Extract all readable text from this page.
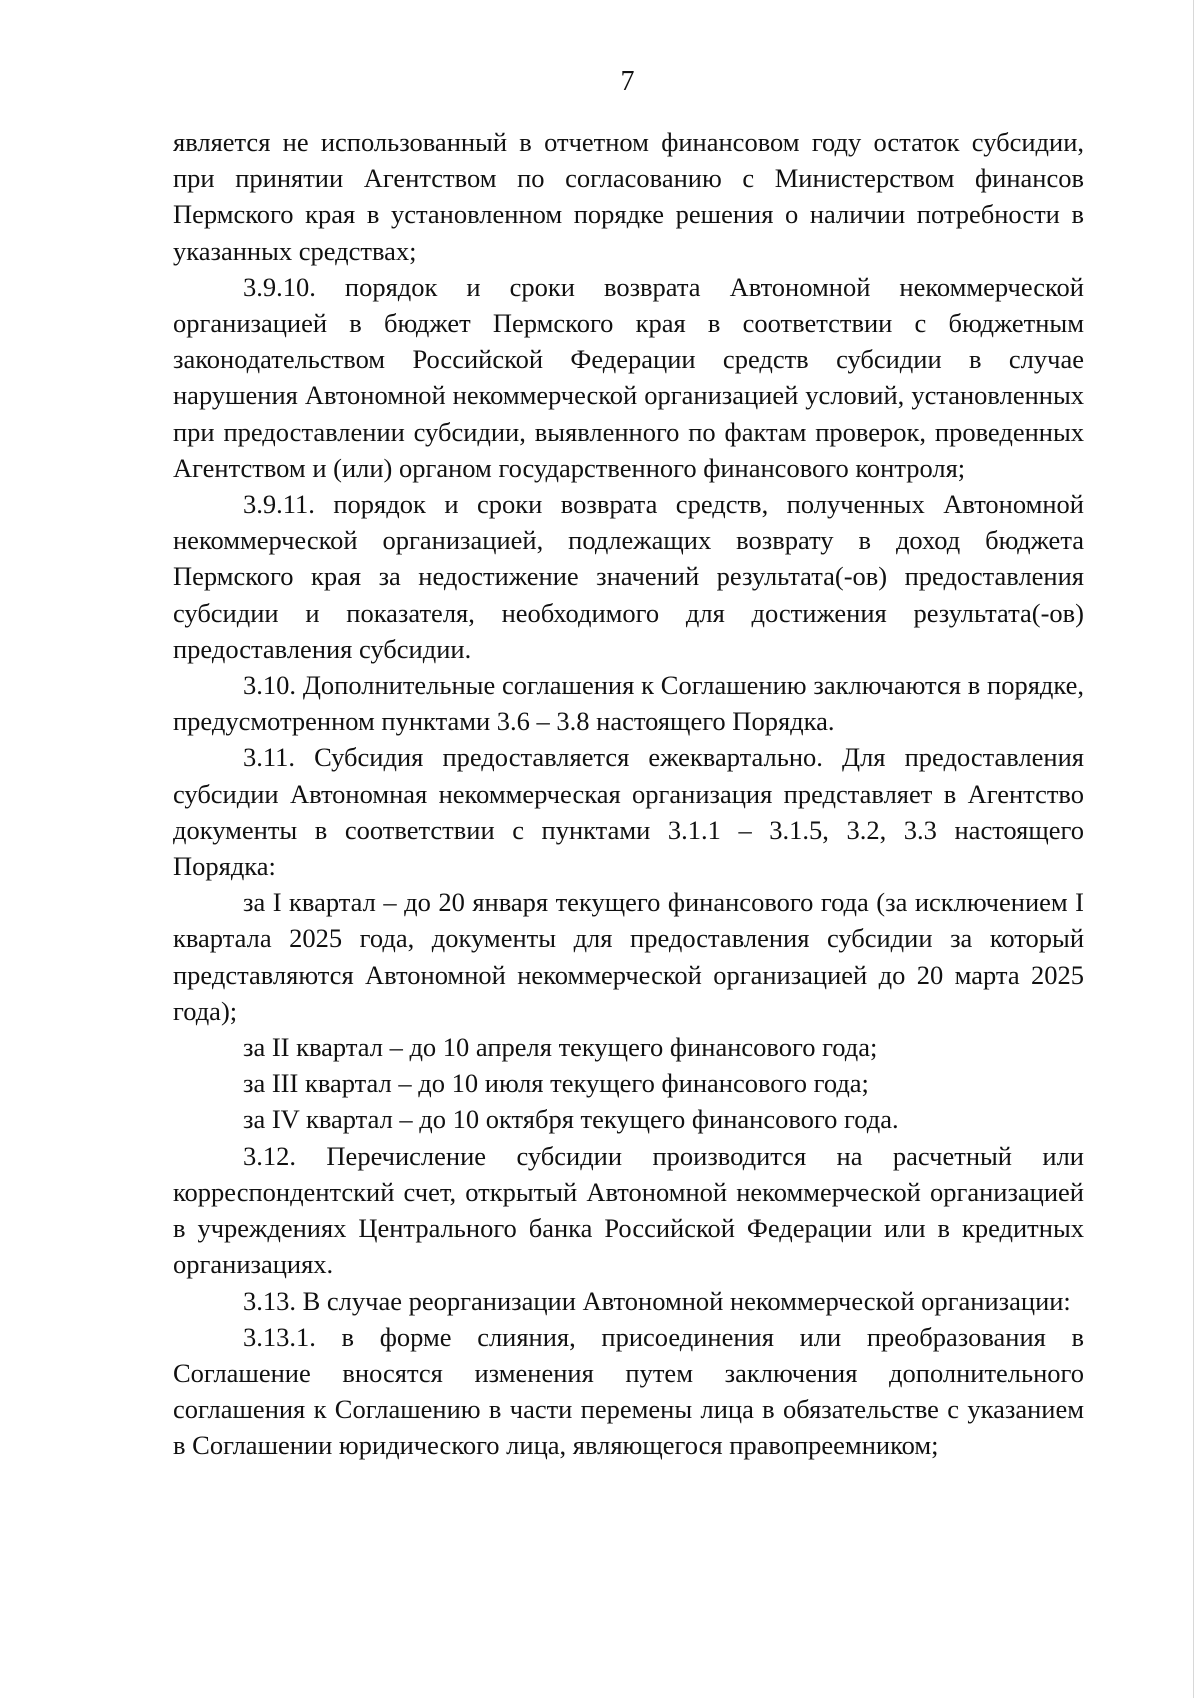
7

является не использованный в отчетном финансовом году остаток субсидии, при принятии Агентством по согласованию с Министерством финансов Пермского края в установленном порядке решения о наличии потребности в указанных средствах;

3.9.10. порядок и сроки возврата Автономной некоммерческой организацией в бюджет Пермского края в соответствии с бюджетным законодательством Российской Федерации средств субсидии в случае нарушения Автономной некоммерческой организацией условий, установленных при предоставлении субсидии, выявленного по фактам проверок, проведенных Агентством и (или) органом государственного финансового контроля;

3.9.11. порядок и сроки возврата средств, полученных Автономной некоммерческой организацией, подлежащих возврату в доход бюджета Пермского края за недостижение значений результата(-ов) предоставления субсидии и показателя, необходимого для достижения результата(-ов) предоставления субсидии.

3.10. Дополнительные соглашения к Соглашению заключаются в порядке, предусмотренном пунктами 3.6 – 3.8 настоящего Порядка.

3.11. Субсидия предоставляется ежеквартально. Для предоставления субсидии Автономная некоммерческая организация представляет в Агентство документы в соответствии с пунктами 3.1.1 – 3.1.5, 3.2, 3.3 настоящего Порядка:

за I квартал – до 20 января текущего финансового года (за исключением I квартала 2025 года, документы для предоставления субсидии за который представляются Автономной некоммерческой организацией до 20 марта 2025 года);

за II квартал – до 10 апреля текущего финансового года;

за III квартал – до 10 июля текущего финансового года;

за IV квартал – до 10 октября текущего финансового года.

3.12. Перечисление субсидии производится на расчетный или корреспондентский счет, открытый Автономной некоммерческой организацией в учреждениях Центрального банка Российской Федерации или в кредитных организациях.

3.13. В случае реорганизации Автономной некоммерческой организации:

3.13.1. в форме слияния, присоединения или преобразования в Соглашение вносятся изменения путем заключения дополнительного соглашения к Соглашению в части перемены лица в обязательстве с указанием в Соглашении юридического лица, являющегося правопреемником;
